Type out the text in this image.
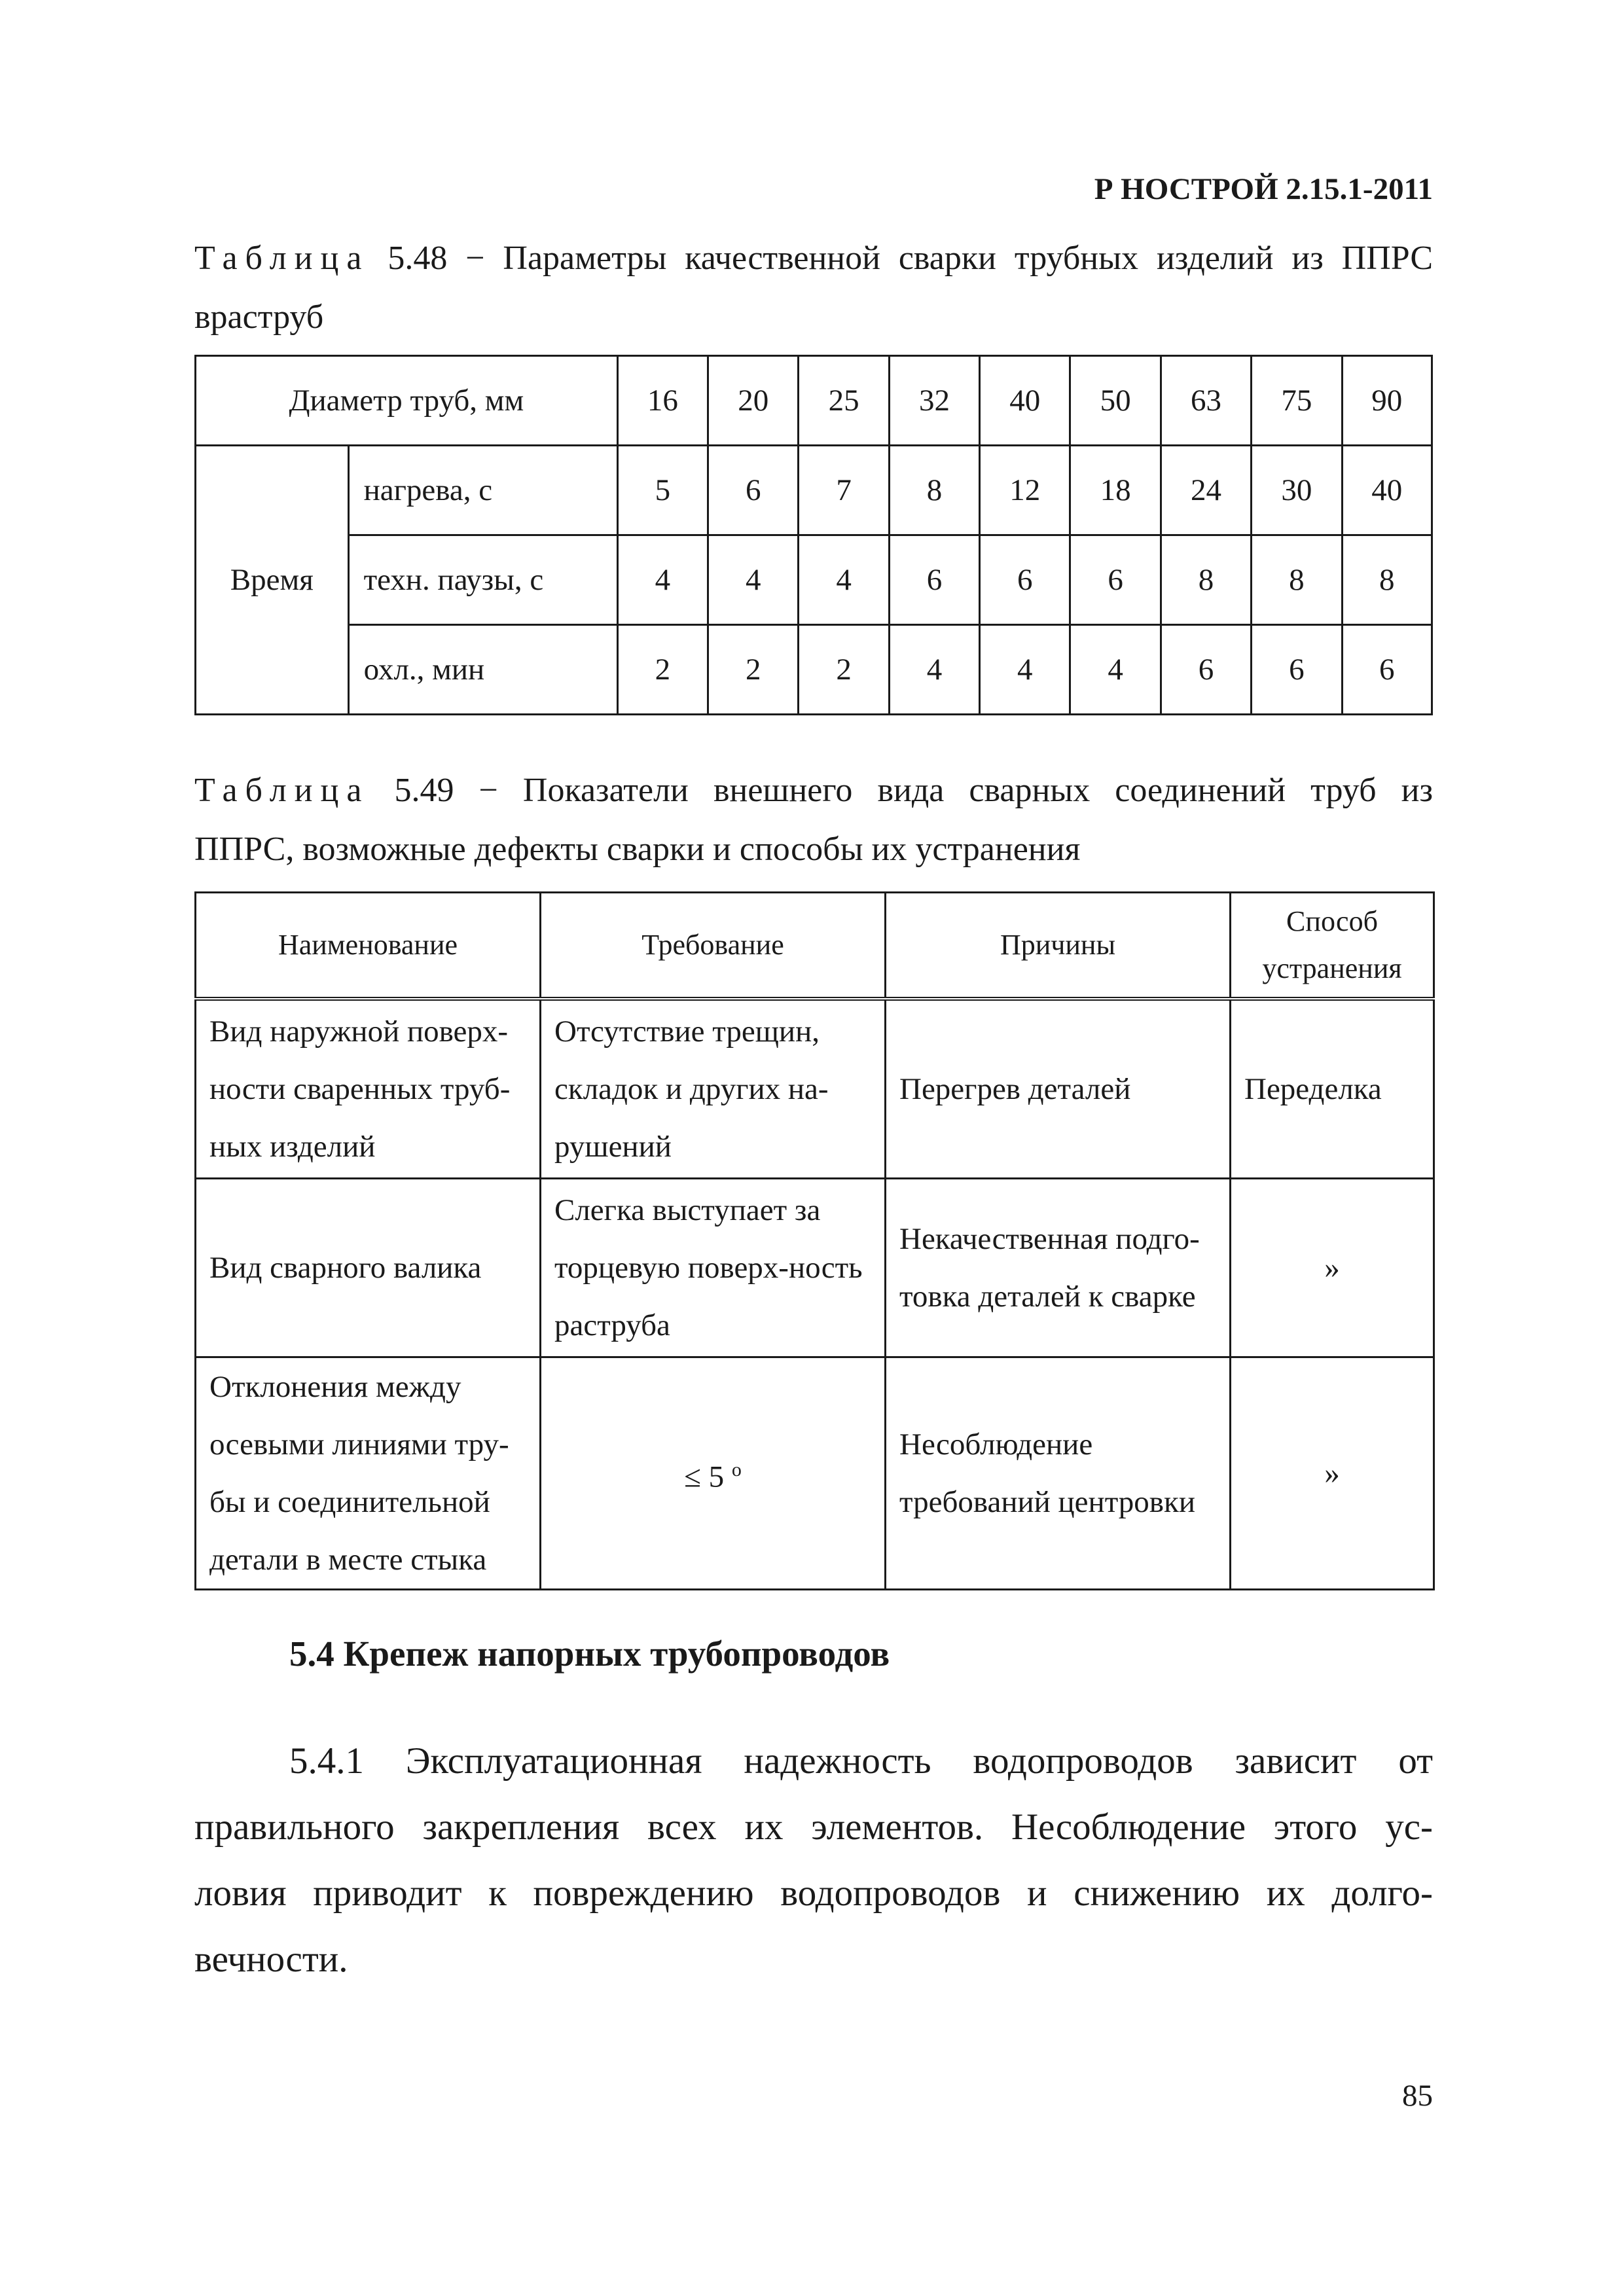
Р НОСТРОЙ 2.15.1-2011
Таблица 5.48 − Параметры качественной сварки трубных изделий из ППРС
враструб
Диаметр труб, мм		16	20	25	32	40	50	63	75	90
Время	нагрева, с	5	6	7	8	12	18	24	30	40
	техн. паузы, с	4	4	4	6	6	6	8	8	8
	охл., мин	2	2	2	4	4	4	6	6	6
Таблица 5.49 − Показатели внешнего вида сварных соединений труб из
ППРС, возможные дефекты сварки и способы их устранения
Наименование	Требование	Причины	Способ устранения
Вид наружной поверх-ности сваренных труб-ных изделий	Отсутствие трещин, складок и других на-рушений	Перегрев деталей	Переделка
Вид сварного валика	Слегка выступает за торцевую поверх-ность раструба	Некачественная подго-товка деталей к сварке	»
Отклонения между осевыми линиями тру-бы и соединительной детали в месте стыка	≤ 5 $^о$	Несоблюдение требований центровки	»
5.4 Крепеж напорных трубопроводов
5.4.1 Эксплуатационная надежность водопроводов зависит от
правильного закрепления всех их элементов. Несоблюдение этого ус-
ловия приводит к повреждению водопроводов и снижению их долго-
вечности.
85
